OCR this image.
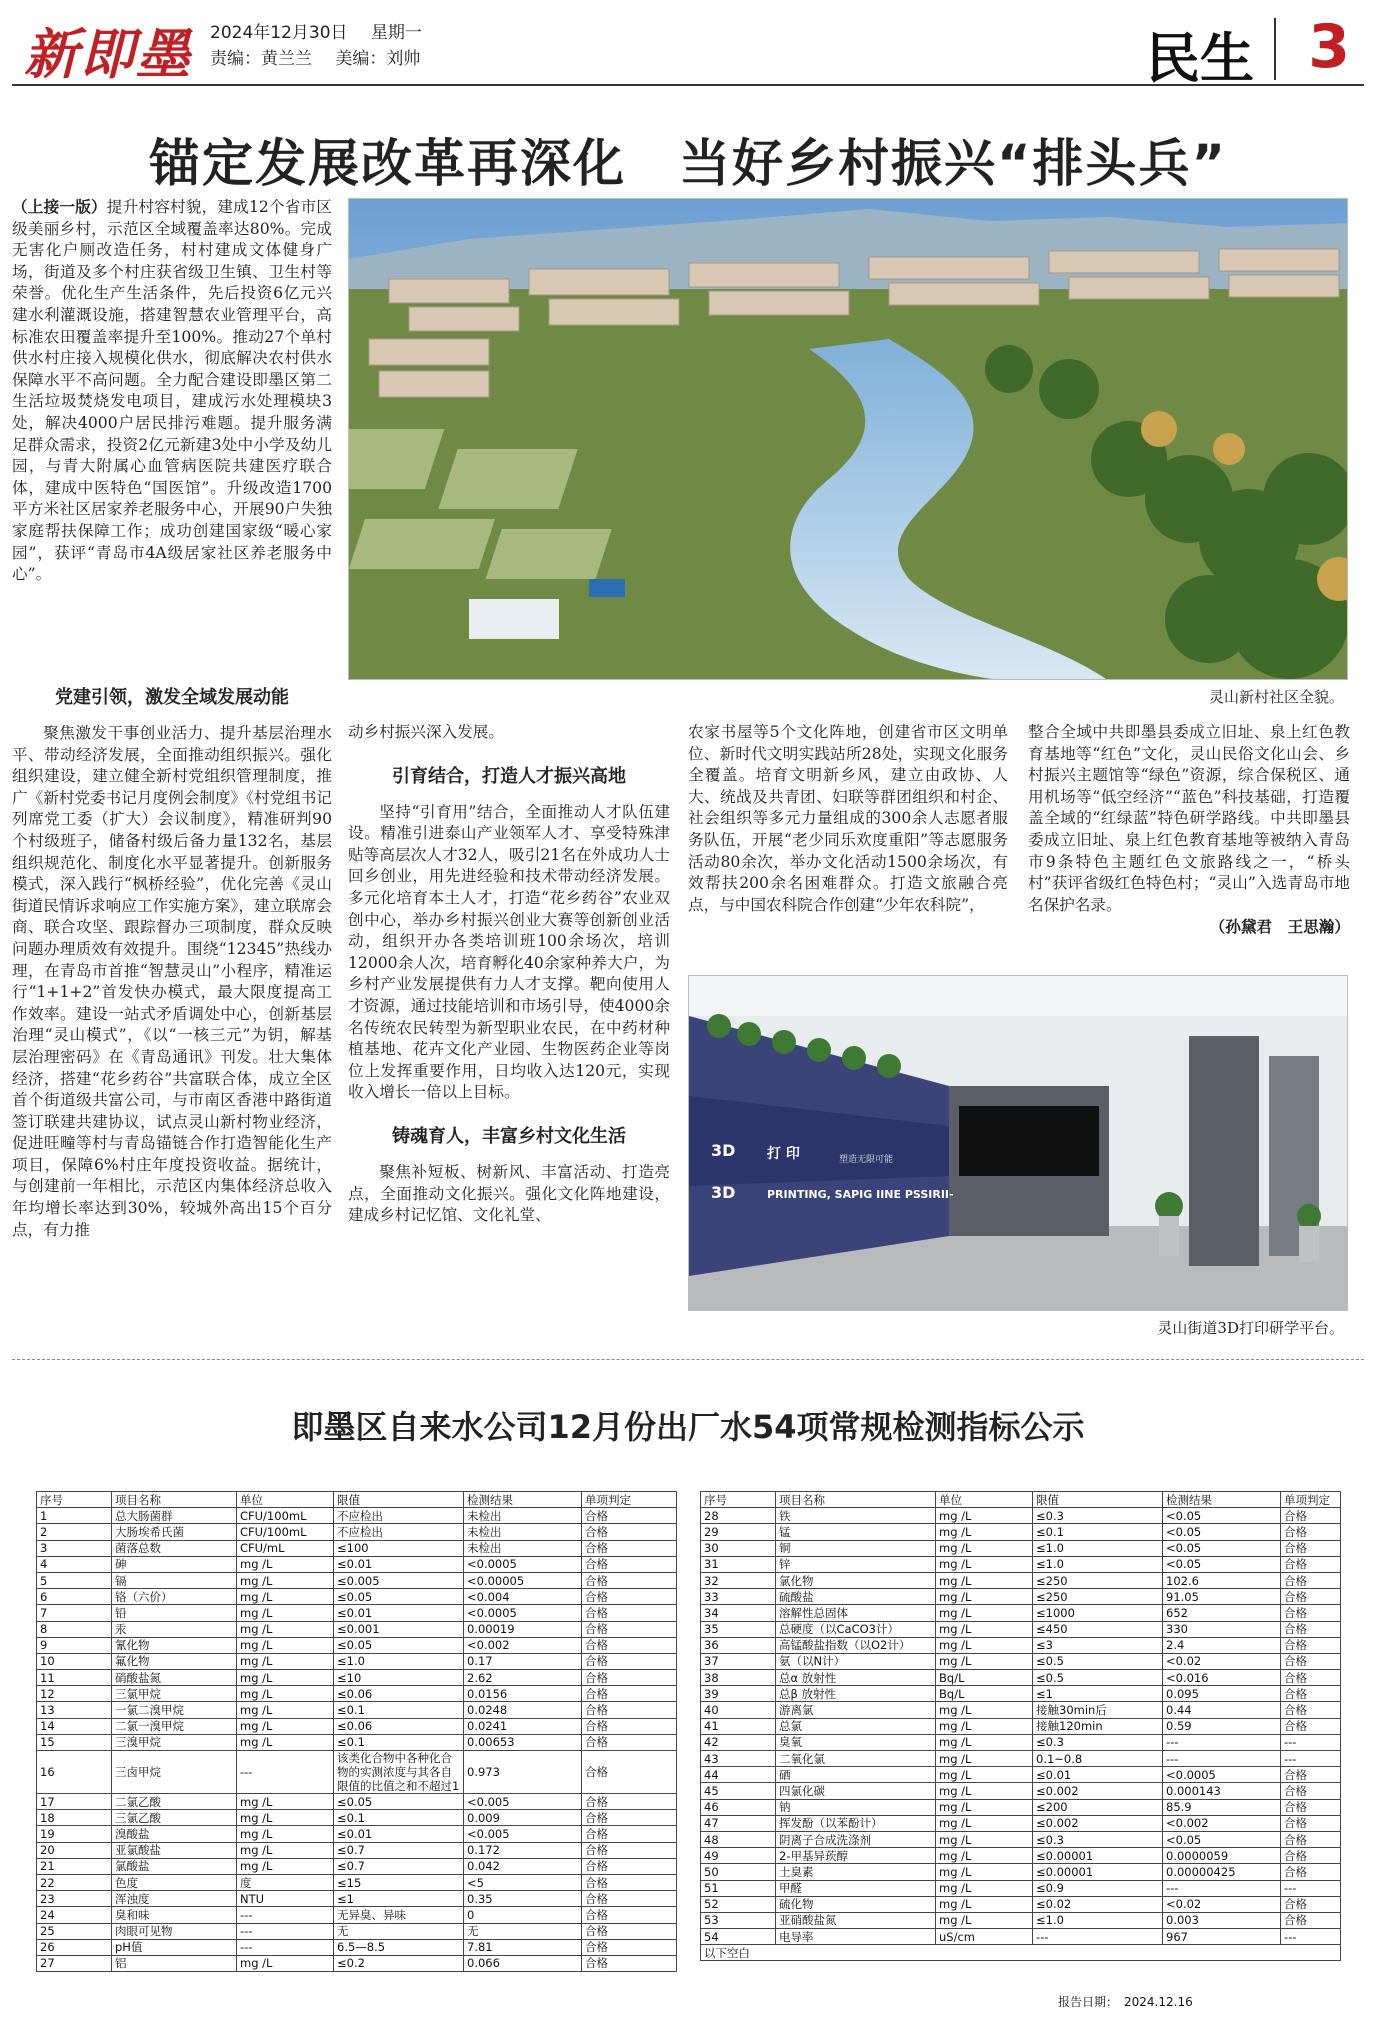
新即墨 2024年12月30日 星期一
责编：黄兰兰 美编：刘帅	民生 3
锚定发展改革再深化　当好乡村振兴“排头兵”

（上接一版）提升村容村貌，建成12个省市区级美丽乡村，示范区全域覆盖率达80%。完成无害化户厕改造任务，村村建成文体健身广场，街道及多个村庄获省级卫生镇、卫生村等荣誉。优化生产生活条件，先后投资6亿元兴建水利灌溉设施，搭建智慧农业管理平台，高标准农田覆盖率提升至100%。推动27个单村供水村庄接入规模化供水，彻底解决农村供水保障水平不高问题。全力配合建设即墨区第二生活垃圾焚烧发电项目，建成污水处理模块3处，解决4000户居民排污难题。提升服务满足群众需求，投资2亿元新建3处中小学及幼儿园，与青大附属心血管病医院共建医疗联合体，建成中医特色“国医馆”。升级改造1700平方米社区居家养老服务中心，开展90户失独家庭帮扶保障工作；成功创建国家级“暖心家园”，获评“青岛市4A级居家社区养老服务中心”。

灵山新村社区全貌。
党建引领，激发全域发展动能

聚焦激发干事创业活力、提升基层治理水平、带动经济发展，全面推动组织振兴。强化组织建设，建立健全新村党组织管理制度，推广《新村党委书记月度例会制度》《村党组书记列席党工委（扩大）会议制度》，精准研判90个村级班子，储备村级后备力量132名，基层组织规范化、制度化水平显著提升。创新服务模式，深入践行“枫桥经验”，优化完善《灵山街道民情诉求响应工作实施方案》，建立联席会商、联合攻坚、跟踪督办三项制度，群众反映问题办理质效有效提升。围绕“12345”热线办理，在青岛市首推“智慧灵山”小程序，精准运行“1+1+2”首发快办模式，最大限度提高工作效率。建设一站式矛盾调处中心，创新基层治理“灵山模式”，《以“一核三元”为钥，解基层治理密码》在《青岛通讯》刊发。壮大集体经济，搭建“花乡药谷”共富联合体，成立全区首个街道级共富公司，与市南区香港中路街道签订联建共建协议，试点灵山新村物业经济，促进旺疃等村与青岛锚链合作打造智能化生产项目，保障6%村庄年度投资收益。据统计，与创建前一年相比，示范区内集体经济总收入年均增长率达到30%，较城外高出15个百分点，有力推

动乡村振兴深入发展。

引育结合，打造人才振兴高地

坚持“引育用”结合，全面推动人才队伍建设。精准引进泰山产业领军人才、享受特殊津贴等高层次人才32人，吸引21名在外成功人士回乡创业，用先进经验和技术带动经济发展。多元化培育本土人才，打造“花乡药谷”农业双创中心，举办乡村振兴创业大赛等创新创业活动，组织开办各类培训班100余场次，培训12000余人次，培育孵化40余家种养大户，为乡村产业发展提供有力人才支撑。靶向使用人才资源，通过技能培训和市场引导，使4000余名传统农民转型为新型职业农民，在中药材种植基地、花卉文化产业园、生物医药企业等岗位上发挥重要作用，日均收入达120元，实现收入增长一倍以上目标。

铸魂育人，丰富乡村文化生活

聚焦补短板、树新风、丰富活动、打造亮点，全面推动文化振兴。强化文化阵地建设，建成乡村记忆馆、文化礼堂、

农家书屋等5个文化阵地，创建省市区文明单位、新时代文明实践站所28处，实现文化服务全覆盖。培育文明新乡风，建立由政协、人大、统战及共青团、妇联等群团组织和村企、社会组织等多元力量组成的300余人志愿者服务队伍，开展“老少同乐欢度重阳”等志愿服务活动80余次，举办文化活动1500余场次，有效帮扶200余名困难群众。打造文旅融合亮点，与中国农科院合作创建“少年农科院”，

整合全域中共即墨县委成立旧址、泉上红色教育基地等“红色”文化，灵山民俗文化山会、乡村振兴主题馆等“绿色”资源，综合保税区、通用机场等“低空经济”“蓝色”科技基础，打造覆盖全域的“红绿蓝”特色研学路线。中共即墨县委成立旧址、泉上红色教育基地等被纳入青岛市9条特色主题红色文旅路线之一，“桥头村”获评省级红色特色村；“灵山”入选青岛市地名保护名录。

（孙黛君　王思瀚）

3D
3D
打 印	塑造无限可能
PRINTING, SAPIG IINE PSSIRII-
灵山街道3D打印研学平台。
即墨区自来水公司12月份出厂水54项常规检测指标公示
序号	项目名称	单位	限值	检测结果	单项判定
1	总大肠菌群	CFU/100mL	不应检出	未检出	合格
2	大肠埃希氏菌	CFU/100mL	不应检出	未检出	合格
3	菌落总数	CFU/mL	≤100	未检出	合格
4	砷	mg /L	≤0.01	<0.0005	合格
5	镉	mg /L	≤0.005	<0.00005	合格
6	铬（六价）	mg /L	≤0.05	<0.004	合格
7	铅	mg /L	≤0.01	<0.0005	合格
8	汞	mg /L	≤0.001	0.00019	合格
9	氰化物	mg /L	≤0.05	<0.002	合格
10	氟化物	mg /L	≤1.0	0.17	合格
11	硝酸盐氮	mg /L	≤10	2.62	合格
12	三氯甲烷	mg /L	≤0.06	0.0156	合格
13	一氯二溴甲烷	mg /L	≤0.1	0.0248	合格
14	二氯一溴甲烷	mg /L	≤0.06	0.0241	合格
15	三溴甲烷	mg /L	≤0.1	0.00653	合格
16	三卤甲烷	---	该类化合物中各种化合物的实测浓度与其各自限值的比值之和不超过1	0.973	合格
17	二氯乙酸	mg /L	≤0.05	<0.005	合格
18	三氯乙酸	mg /L	≤0.1	0.009	合格
19	溴酸盐	mg /L	≤0.01	<0.005	合格
20	亚氯酸盐	mg /L	≤0.7	0.172	合格
21	氯酸盐	mg /L	≤0.7	0.042	合格
22	色度	度	≤15	<5	合格
23	浑浊度	NTU	≤1	0.35	合格
24	臭和味	---	无异臭、异味	0	合格
25	肉眼可见物	---	无	无	合格
26	pH值	---	6.5—8.5	7.81	合格
27	铝	mg /L	≤0.2	0.066	合格
序号	项目名称	单位	限值	检测结果	单项判定
28	铁	mg /L	≤0.3	<0.05	合格
29	锰	mg /L	≤0.1	<0.05	合格
30	铜	mg /L	≤1.0	<0.05	合格
31	锌	mg /L	≤1.0	<0.05	合格
32	氯化物	mg /L	≤250	102.6	合格
33	硫酸盐	mg /L	≤250	91.05	合格
34	溶解性总固体	mg /L	≤1000	652	合格
35	总硬度（以CaCO3计）	mg /L	≤450	330	合格
36	高锰酸盐指数（以O2计）	mg /L	≤3	2.4	合格
37	氨（以N计）	mg /L	≤0.5	<0.02	合格
38	总α 放射性	Bq/L	≤0.5	<0.016	合格
39	总β 放射性	Bq/L	≤1	0.095	合格
40	游离氯	mg /L	接触30min后	0.44	合格
41	总氯	mg /L	接触120min	0.59	合格
42	臭氧	mg /L	≤0.3	---	---
43	二氧化氯	mg /L	0.1~0.8	---	---
44	硒	mg /L	≤0.01	<0.0005	合格
45	四氯化碳	mg /L	≤0.002	0.000143	合格
46	钠	mg /L	≤200	85.9	合格
47	挥发酚（以苯酚计）	mg /L	≤0.002	<0.002	合格
48	阴离子合成洗涤剂	mg /L	≤0.3	<0.05	合格
49	2-甲基异莰醇	mg /L	≤0.00001	0.0000059	合格
50	土臭素	mg /L	≤0.00001	0.00000425	合格
51	甲醛	mg /L	≤0.9	---	---
52	硫化物	mg /L	≤0.02	<0.02	合格
53	亚硝酸盐氮	mg /L	≤1.0	0.003	合格
54	电导率	uS/cm	---	967	---
以下空白					
报告日期：　2024.12.16
